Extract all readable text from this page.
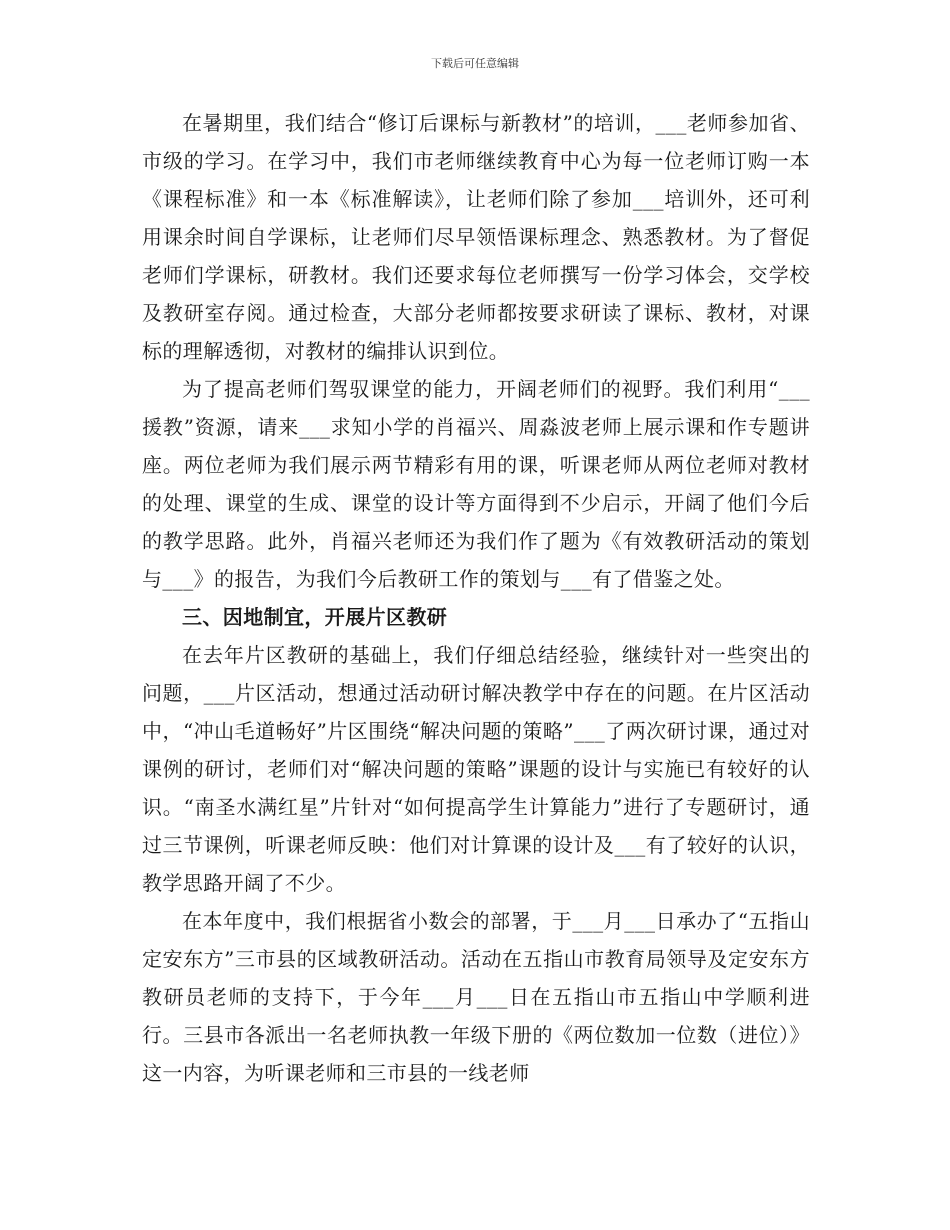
下载后可任意编辑

在暑期里，我们结合“修订后课标与新教材”的培训，___老师参加省、市级的学习。在学习中，我们市老师继续教育中心为每一位老师订购一本《课程标准》和一本《标准解读》，让老师们除了参加___培训外，还可利用课余时间自学课标，让老师们尽早领悟课标理念、熟悉教材。为了督促老师们学课标，研教材。我们还要求每位老师撰写一份学习体会，交学校及教研室存阅。通过检查，大部分老师都按要求研读了课标、教材，对课标的理解透彻，对教材的编排认识到位。

为了提高老师们驾驭课堂的能力，开阔老师们的视野。我们利用“___援教”资源，请来___求知小学的肖福兴、周淼波老师上展示课和作专题讲座。两位老师为我们展示两节精彩有用的课，听课老师从两位老师对教材的处理、课堂的生成、课堂的设计等方面得到不少启示，开阔了他们今后的教学思路。此外，肖福兴老师还为我们作了题为《有效教研活动的策划与___》的报告，为我们今后教研工作的策划与___有了借鉴之处。

三、因地制宜，开展片区教研

在去年片区教研的基础上，我们仔细总结经验，继续针对一些突出的问题，___片区活动，想通过活动研讨解决教学中存在的问题。在片区活动中，“冲山毛道畅好”片区围绕“解决问题的策略”___了两次研讨课，通过对课例的研讨，老师们对“解决问题的策略”课题的设计与实施已有较好的认识。“南圣水满红星”片针对“如何提高学生计算能力”进行了专题研讨，通过三节课例，听课老师反映：他们对计算课的设计及___有了较好的认识，教学思路开阔了不少。

在本年度中，我们根据省小数会的部署，于___月___日承办了“五指山定安东方”三市县的区域教研活动。活动在五指山市教育局领导及定安东方教研员老师的支持下，于今年___月___日在五指山市五指山中学顺利进行。三县市各派出一名老师执教一年级下册的《两位数加一位数（进位）》这一内容，为听课老师和三市县的一线老师
